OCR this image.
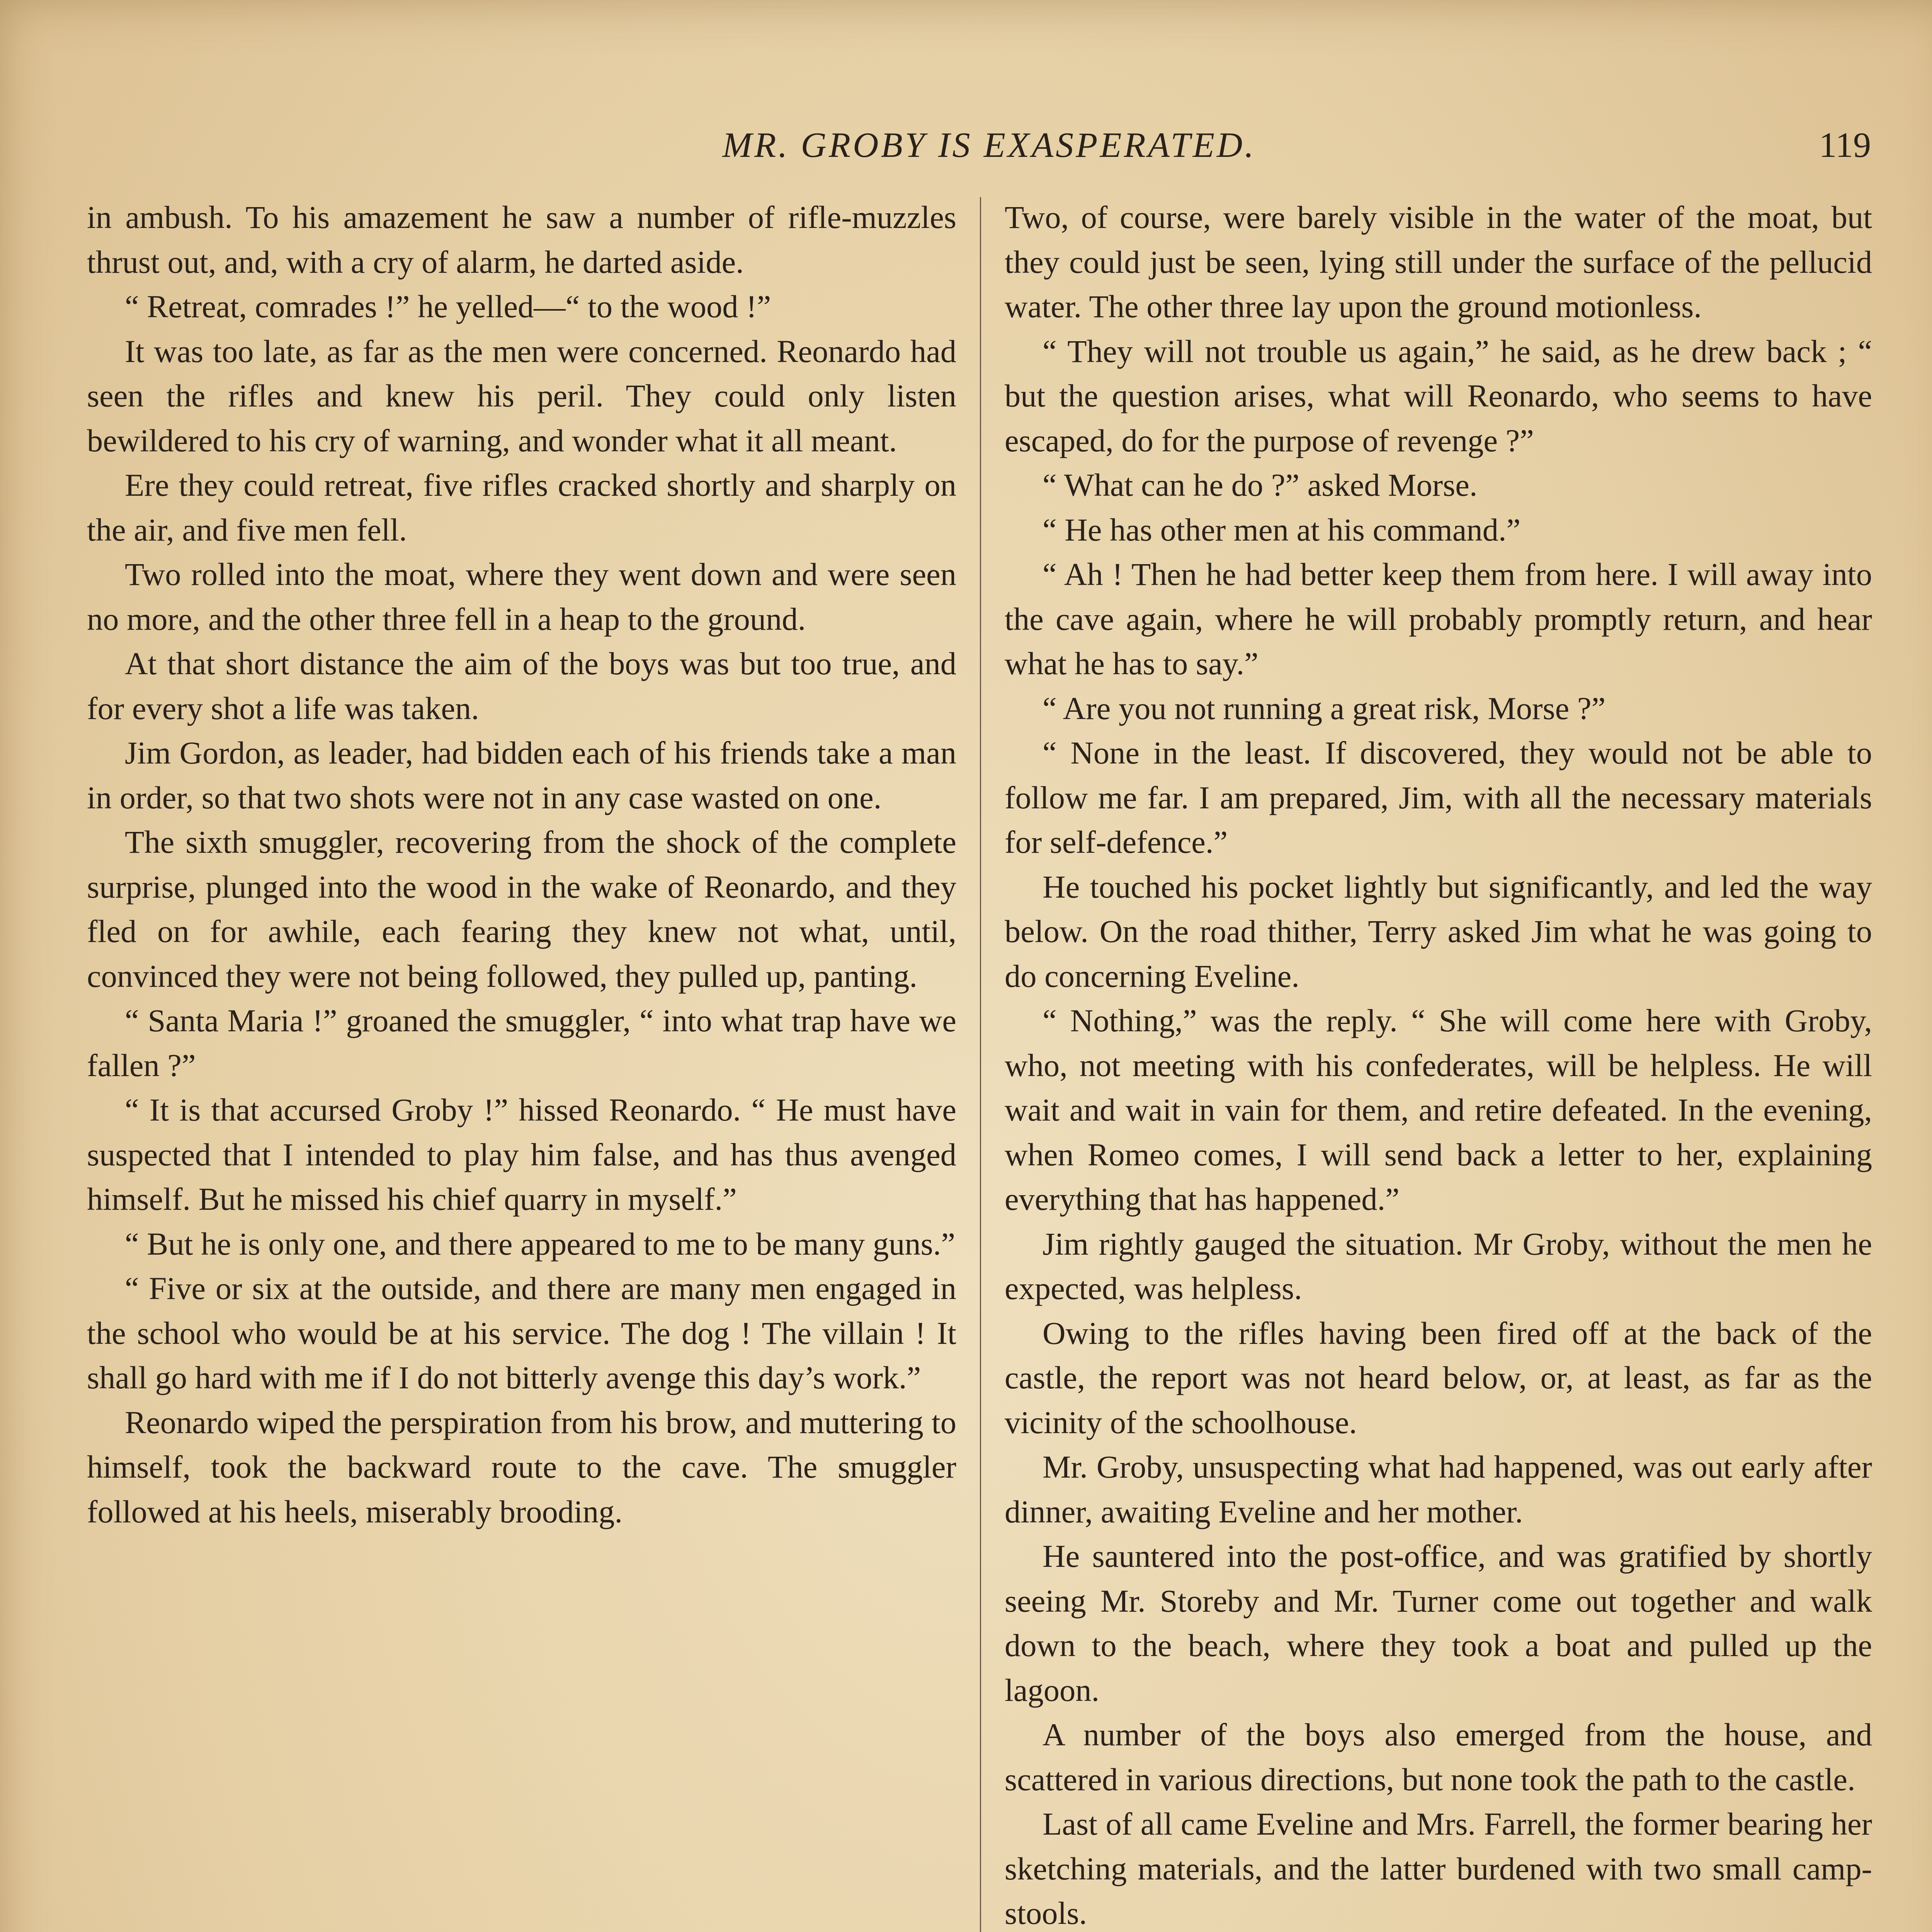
MR. GROBY IS EXASPERATED.	119

in ambush. To his amazement he saw a number of rifle-muzzles thrust out, and, with a cry of alarm, he darted aside.

“ Retreat, comrades !” he yelled—“ to the wood !”

It was too late, as far as the men were concerned. Reonardo had seen the rifles and knew his peril. They could only listen bewildered to his cry of warning, and wonder what it all meant.

Ere they could retreat, five rifles cracked shortly and sharply on the air, and five men fell.

Two rolled into the moat, where they went down and were seen no more, and the other three fell in a heap to the ground.

At that short distance the aim of the boys was but too true, and for every shot a life was taken.

Jim Gordon, as leader, had bidden each of his friends take a man in order, so that two shots were not in any case wasted on one.

The sixth smuggler, recovering from the shock of the complete surprise, plunged into the wood in the wake of Reonardo, and they fled on for awhile, each fearing they knew not what, until, convinced they were not being followed, they pulled up, panting.

“ Santa Maria !” groaned the smuggler, “ into what trap have we fallen ?”

“ It is that accursed Groby !” hissed Reonardo. “ He must have suspected that I intended to play him false, and has thus avenged himself. But he missed his chief quarry in myself.”

“ But he is only one, and there appeared to me to be many guns.”

“ Five or six at the outside, and there are many men engaged in the school who would be at his service. The dog ! The villain ! It shall go hard with me if I do not bitterly avenge this day’s work.”

Reonardo wiped the perspiration from his brow, and muttering to himself, took the backward route to the cave. The smuggler followed at his heels, miserably brooding.

Two, of course, were barely visible in the water of the moat, but they could just be seen, lying still under the surface of the pellucid water. The other three lay upon the ground motionless.

“ They will not trouble us again,” he said, as he drew back ; “ but the question arises, what will Reonardo, who seems to have escaped, do for the purpose of revenge ?”

“ What can he do ?” asked Morse.

“ He has other men at his command.”

“ Ah ! Then he had better keep them from here. I will away into the cave again, where he will probably promptly return, and hear what he has to say.”

“ Are you not running a great risk, Morse ?”

“ None in the least. If discovered, they would not be able to follow me far. I am prepared, Jim, with all the necessary materials for self-defence.”

He touched his pocket lightly but significantly, and led the way below. On the road thither, Terry asked Jim what he was going to do concerning Eveline.

“ Nothing,” was the reply. “ She will come here with Groby, who, not meeting with his confederates, will be helpless. He will wait and wait in vain for them, and retire defeated. In the evening, when Romeo comes, I will send back a letter to her, explaining everything that has happened.”

Jim rightly gauged the situation. Mr Groby, without the men he expected, was helpless.

Owing to the rifles having been fired off at the back of the castle, the report was not heard below, or, at least, as far as the vicinity of the schoolhouse.

Mr. Groby, unsuspecting what had happened, was out early after dinner, awaiting Eveline and her mother.

He sauntered into the post-office, and was gratified by shortly seeing Mr. Storeby and Mr. Turner come out together and walk down to the beach, where they took a boat and pulled up the lagoon.

A number of the boys also emerged from the house, and scattered in various directions, but none took the path to the castle.

Last of all came Eveline and Mrs. Farrell, the former bearing her sketching materials, and the latter burdened with two small camp-stools.
